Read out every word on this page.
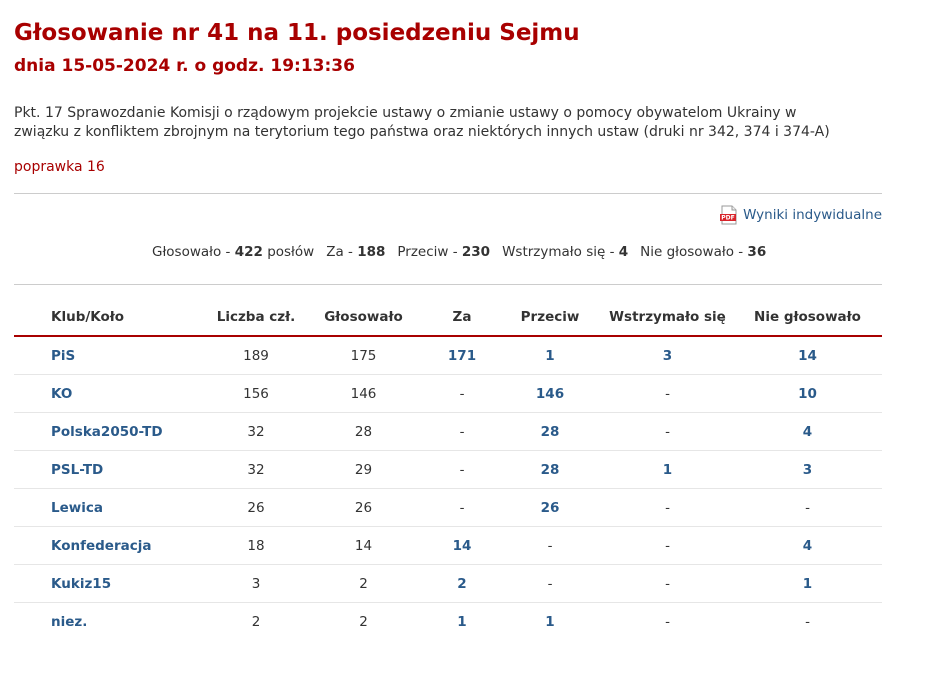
Głosowanie nr 41 na 11. posiedzeniu Sejmu
dnia 15-05-2024 r. o godz. 19:13:36
Pkt. 17 Sprawozdanie Komisji o rządowym projekcie ustawy o zmianie ustawy o pomocy obywatelom Ukrainy w związku z konfliktem zbrojnym na terytorium tego państwa oraz niektórych innych ustaw (druki nr 342, 374 i 374-A)
poprawka 16
PDF Wyniki indywidualne
Głosowało - 422 posłów Za - 188 Przeciw - 230 Wstrzymało się - 4 Nie głosowało - 36
Klub/Koło	Liczba czł.	Głosowało	Za	Przeciw	Wstrzymało się	Nie głosowało
PiS	189	175	171	1	3	14
KO	156	146	-	146	-	10
Polska2050-TD	32	28	-	28	-	4
PSL-TD	32	29	-	28	1	3
Lewica	26	26	-	26	-	-
Konfederacja	18	14	14	-	-	4
Kukiz15	3	2	2	-	-	1
niez.	2	2	1	1	-	-
